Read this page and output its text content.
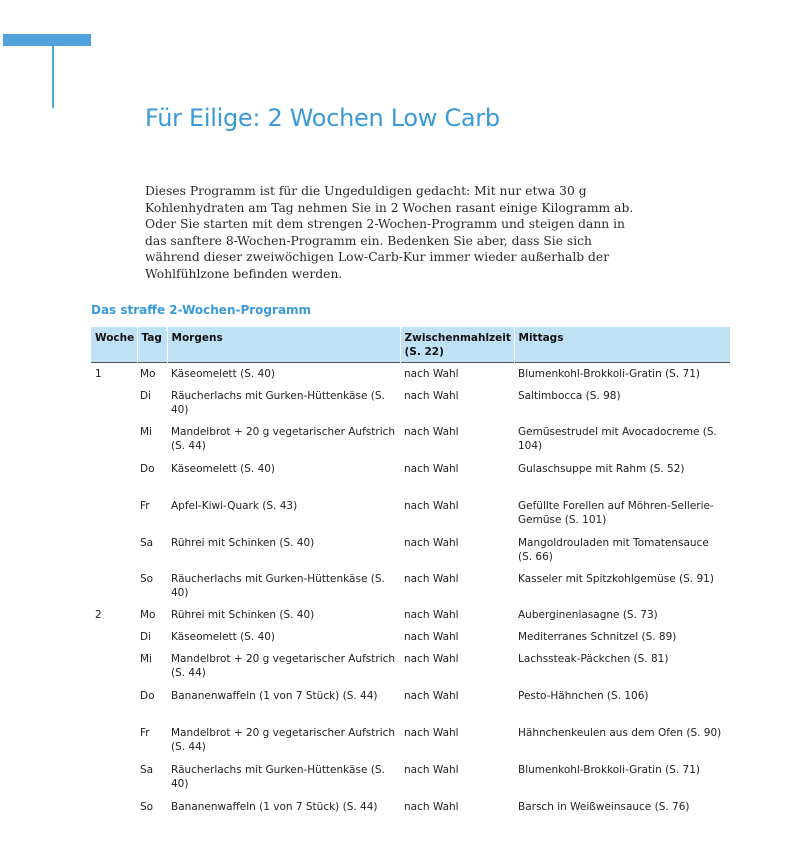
Für Eilige: 2 Wochen Low Carb

Dieses Programm ist für die Ungeduldigen gedacht: Mit nur etwa 30 g Kohlenhydraten am Tag nehmen Sie in 2 Wochen rasant einige Kilogramm ab. Oder Sie starten mit dem strengen 2-Wochen-Programm und steigen dann in das sanftere 8-Wochen-Programm ein. Bedenken Sie aber, dass Sie sich während dieser zweiwöchigen Low-Carb-Kur immer wieder außerhalb der Wohlfühlzone befinden werden.

Das straffe 2-Wochen-Programm
Woche	Tag	Morgens	Zwischenmahlzeit (S. 22)	Mittags
1	Mo	Käseomelett (S. 40)	nach Wahl	Blumenkohl-Brokkoli-Gratin (S. 71)
	Di	Räucherlachs mit Gurken-Hüttenkäse (S. 40)	nach Wahl	Saltimbocca (S. 98)
	Mi	Mandelbrot + 20 g vegetarischer Aufstrich (S. 44)	nach Wahl	Gemüsestrudel mit Avocadocreme (S. 104)
	Do	Käseomelett (S. 40)	nach Wahl	Gulaschsuppe mit Rahm (S. 52)
	Fr	Apfel-Kiwi-Quark (S. 43)	nach Wahl	Gefüllte Forellen auf Möhren-Sellerie-Gemüse (S. 101)
	Sa	Rührei mit Schinken (S. 40)	nach Wahl	Mangoldrouladen mit Tomatensauce (S. 66)
	So	Räucherlachs mit Gurken-Hüttenkäse (S. 40)	nach Wahl	Kasseler mit Spitzkohlgemüse (S. 91)
2	Mo	Rührei mit Schinken (S. 40)	nach Wahl	Auberginenlasagne (S. 73)
	Di	Käseomelett (S. 40)	nach Wahl	Mediterranes Schnitzel (S. 89)
	Mi	Mandelbrot + 20 g vegetarischer Aufstrich (S. 44)	nach Wahl	Lachssteak-Päckchen (S. 81)
	Do	Bananenwaffeln (1 von 7 Stück) (S. 44)	nach Wahl	Pesto-Hähnchen (S. 106)
	Fr	Mandelbrot + 20 g vegetarischer Aufstrich (S. 44)	nach Wahl	Hähnchenkeulen aus dem Ofen (S. 90)
	Sa	Räucherlachs mit Gurken-Hüttenkäse (S. 40)	nach Wahl	Blumenkohl-Brokkoli-Gratin (S. 71)
	So	Bananenwaffeln (1 von 7 Stück) (S. 44)	nach Wahl	Barsch in Weißweinsauce (S. 76)
